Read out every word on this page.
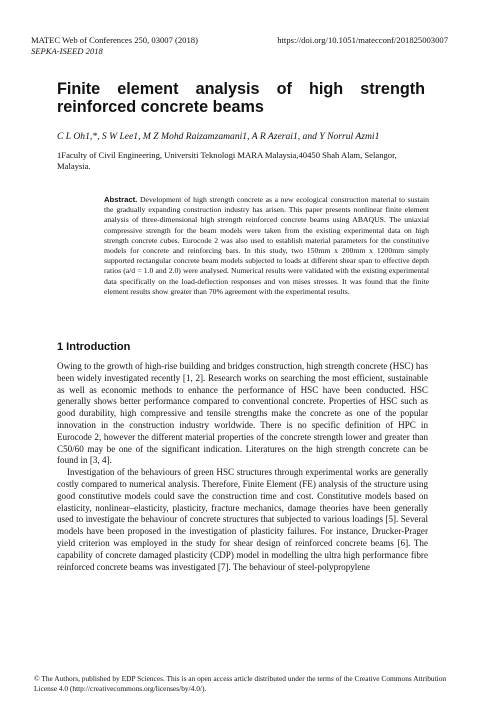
MATEC Web of Conferences 250, 03007 (2018)
SEPKA-ISEED 2018
https://doi.org/10.1051/matecconf/201825003007
Finite element analysis of high strength
reinforced concrete beams
C L Oh1,*, S W Lee1, M Z Mohd Raizamzamani1, A R Azerai1, and Y Norrul Azmi1
1Faculty of Civil Engineering, Universiti Teknologi MARA Malaysia,40450 Shah Alam, Selangor, Malaysia.
Abstract. Development of high strength concrete as a new ecological construction material to sustain the gradually expanding construction industry has arisen. This paper presents nonlinear finite element analysis of three-dimensional high strength reinforced concrete beams using ABAQUS. The uniaxial compressive strength for the beam models were taken from the existing experimental data on high strength concrete cubes. Eurocode 2 was also used to establish material parameters for the constitutive models for concrete and reinforcing bars. In this study, two 150mm x 200mm x 1200mm simply supported rectangular concrete beam models subjected to loads at different shear span to effective depth ratios (a/d = 1.0 and 2.0) were analysed. Numerical results were validated with the existing experimental data specifically on the load-deflection responses and von mises stresses. It was found that the finite element results show greater than 70% agreement with the experimental results.
1 Introduction

Owing to the growth of high-rise building and bridges construction, high strength concrete (HSC) has been widely investigated recently [1, 2]. Research works on searching the most efficient, sustainable as well as economic methods to enhance the performance of HSC have been conducted. HSC generally shows better performance compared to conventional concrete. Properties of HSC such as good durability, high compressive and tensile strengths make the concrete as one of the popular innovation in the construction industry worldwide. There is no specific definition of HPC in Eurocode 2, however the different material properties of the concrete strength lower and greater than C50/60 may be one of the significant indication. Literatures on the high strength concrete can be found in [3, 4].

Investigation of the behaviours of green HSC structures through experimental works are generally costly compared to numerical analysis. Therefore, Finite Element (FE) analysis of the structure using good constitutive models could save the construction time and cost. Constitutive models based on elasticity, nonlinear–elasticity, plasticity, fracture mechanics, damage theories have been generally used to investigate the behaviour of concrete structures that subjected to various loadings [5]. Several models have been proposed in the investigation of plasticity failures. For instance, Drucker-Prager yield criterion was employed in the study for shear design of reinforced concrete beams [6]. The capability of concrete damaged plasticity (CDP) model in modelling the ultra high performance fibre reinforced concrete beams was investigated [7]. The behaviour of steel-polypropylene

© The Authors, published by EDP Sciences. This is an open access article distributed under the terms of the Creative Commons Attribution License 4.0 (http://creativecommons.org/licenses/by/4.0/).
